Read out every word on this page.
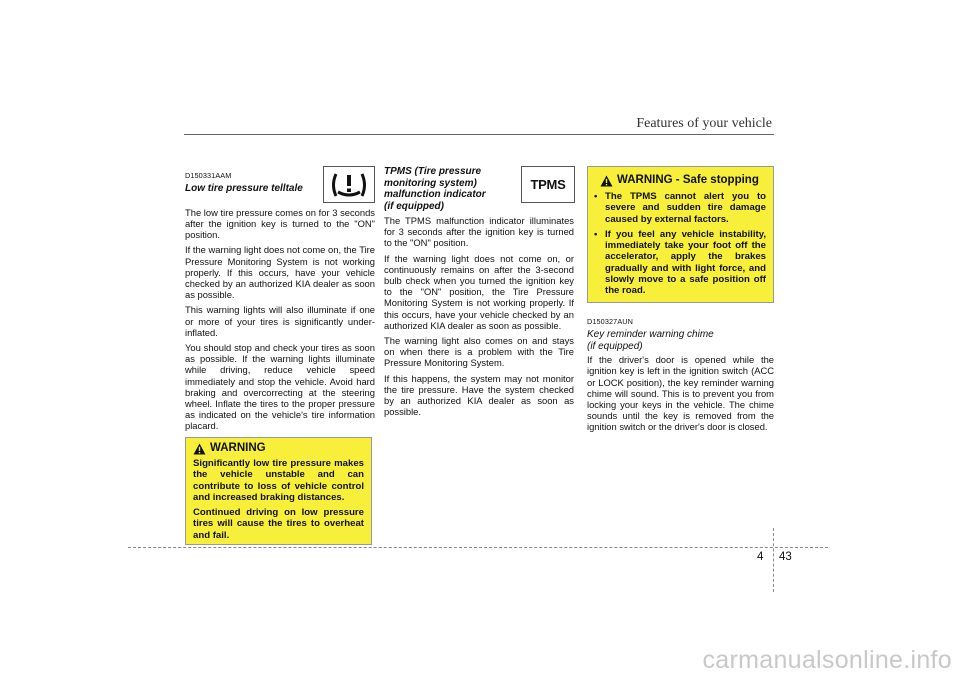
Features of your vehicle
D150331AAM
Low tire pressure telltale

The low tire pressure comes on for 3 seconds after the ignition key is turned to the "ON" position.

If the warning light does not come on, the Tire Pressure Monitoring System is not working properly. If this occurs, have your vehicle checked by an authorized KIA dealer as soon as possible.

This warning lights will also illuminate if one or more of your tires is significantly under-inflated.

You should stop and check your tires as soon as possible. If the warning lights illuminate while driving, reduce vehicle speed immediately and stop the vehicle. Avoid hard braking and overcorrecting at the steering wheel. Inflate the tires to the proper pressure as indicated on the vehicle's tire information placard.

WARNING

Significantly low tire pressure makes the vehicle unstable and can contribute to loss of vehicle control and increased braking distances.

Continued driving on low pressure tires will cause the tires to overheat and fail.

TPMS (Tire pressure
monitoring system)
malfunction indicator
(if equipped)

The TPMS malfunction indicator illuminates for 3 seconds after the ignition key is turned to the "ON" position.

If the warning light does not come on, or continuously remains on after the 3-second bulb check when you turned the ignition key to the "ON" position, the Tire Pressure Monitoring System is not working properly. If this occurs, have your vehicle checked by an authorized KIA dealer as soon as possible.

The warning light also comes on and stays on when there is a problem with the Tire Pressure Monitoring System.

If this happens, the system may not monitor the tire pressure. Have the system checked by an authorized KIA dealer as soon as possible.

TPMS	WARNING - Safe stopping
• The TPMS cannot alert you to severe and sudden tire damage caused by external factors.
• If you feel any vehicle instability, immediately take your foot off the accelerator, apply the brakes gradually and with light force, and slowly move to a safe position off the road.
D150327AUN
Key reminder warning chime
(if equipped)

If the driver's door is opened while the ignition key is left in the ignition switch (ACC or LOCK position), the key reminder warning chime will sound. This is to prevent you from locking your keys in the vehicle. The chime sounds until the key is removed from the ignition switch or the driver's door is closed.

4 43
carmanualsonline.info
